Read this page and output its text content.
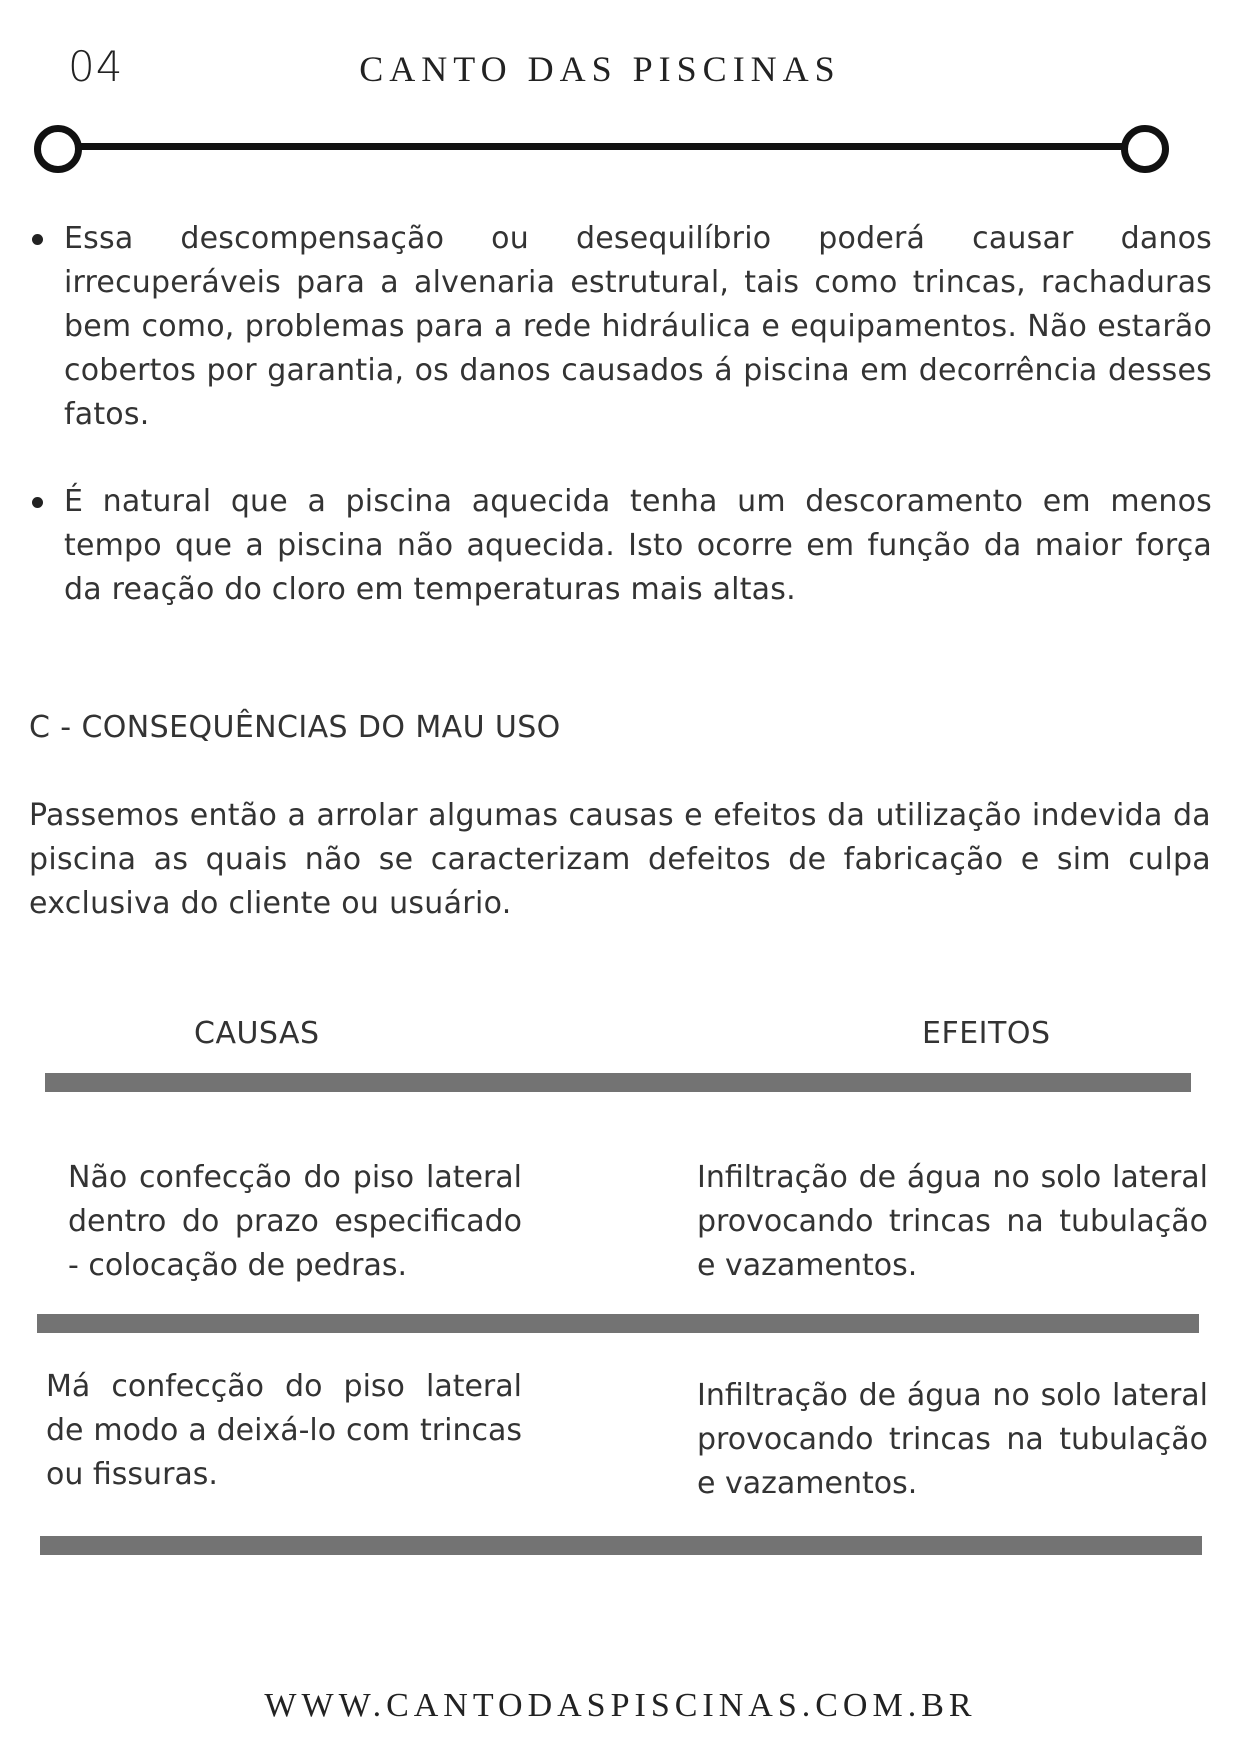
04	CANTO DAS PISCINAS
Essa descompensação ou desequilíbrio poderá causar danos irrecuperáveis para a alvenaria estrutural, tais como trincas, rachaduras bem como, problemas para a rede hidráulica e equipamentos. Não estarão cobertos por garantia, os danos causados á piscina em decorrência desses fatos.
É natural que a piscina aquecida tenha um descoramento em menos tempo que a piscina não aquecida. Isto ocorre em função da maior força da reação do cloro em temperaturas mais altas.
C - CONSEQUÊNCIAS DO MAU USO
Passemos então a arrolar algumas causas e efeitos da utilização indevida da piscina as quais não se caracterizam defeitos de fabricação e sim culpa exclusiva do cliente ou usuário.
CAUSAS	EFEITOS
Não confecção do piso lateral dentro do prazo especificado - colocação de pedras.
Infiltração de água no solo lateral provocando trincas na tubulação e vazamentos.
Má confecção do piso lateral de modo a deixá-lo com trincas ou fissuras.
Infiltração de água no solo lateral provocando trincas na tubulação e vazamentos.
WWW.CANTODASPISCINAS.COM.BR
